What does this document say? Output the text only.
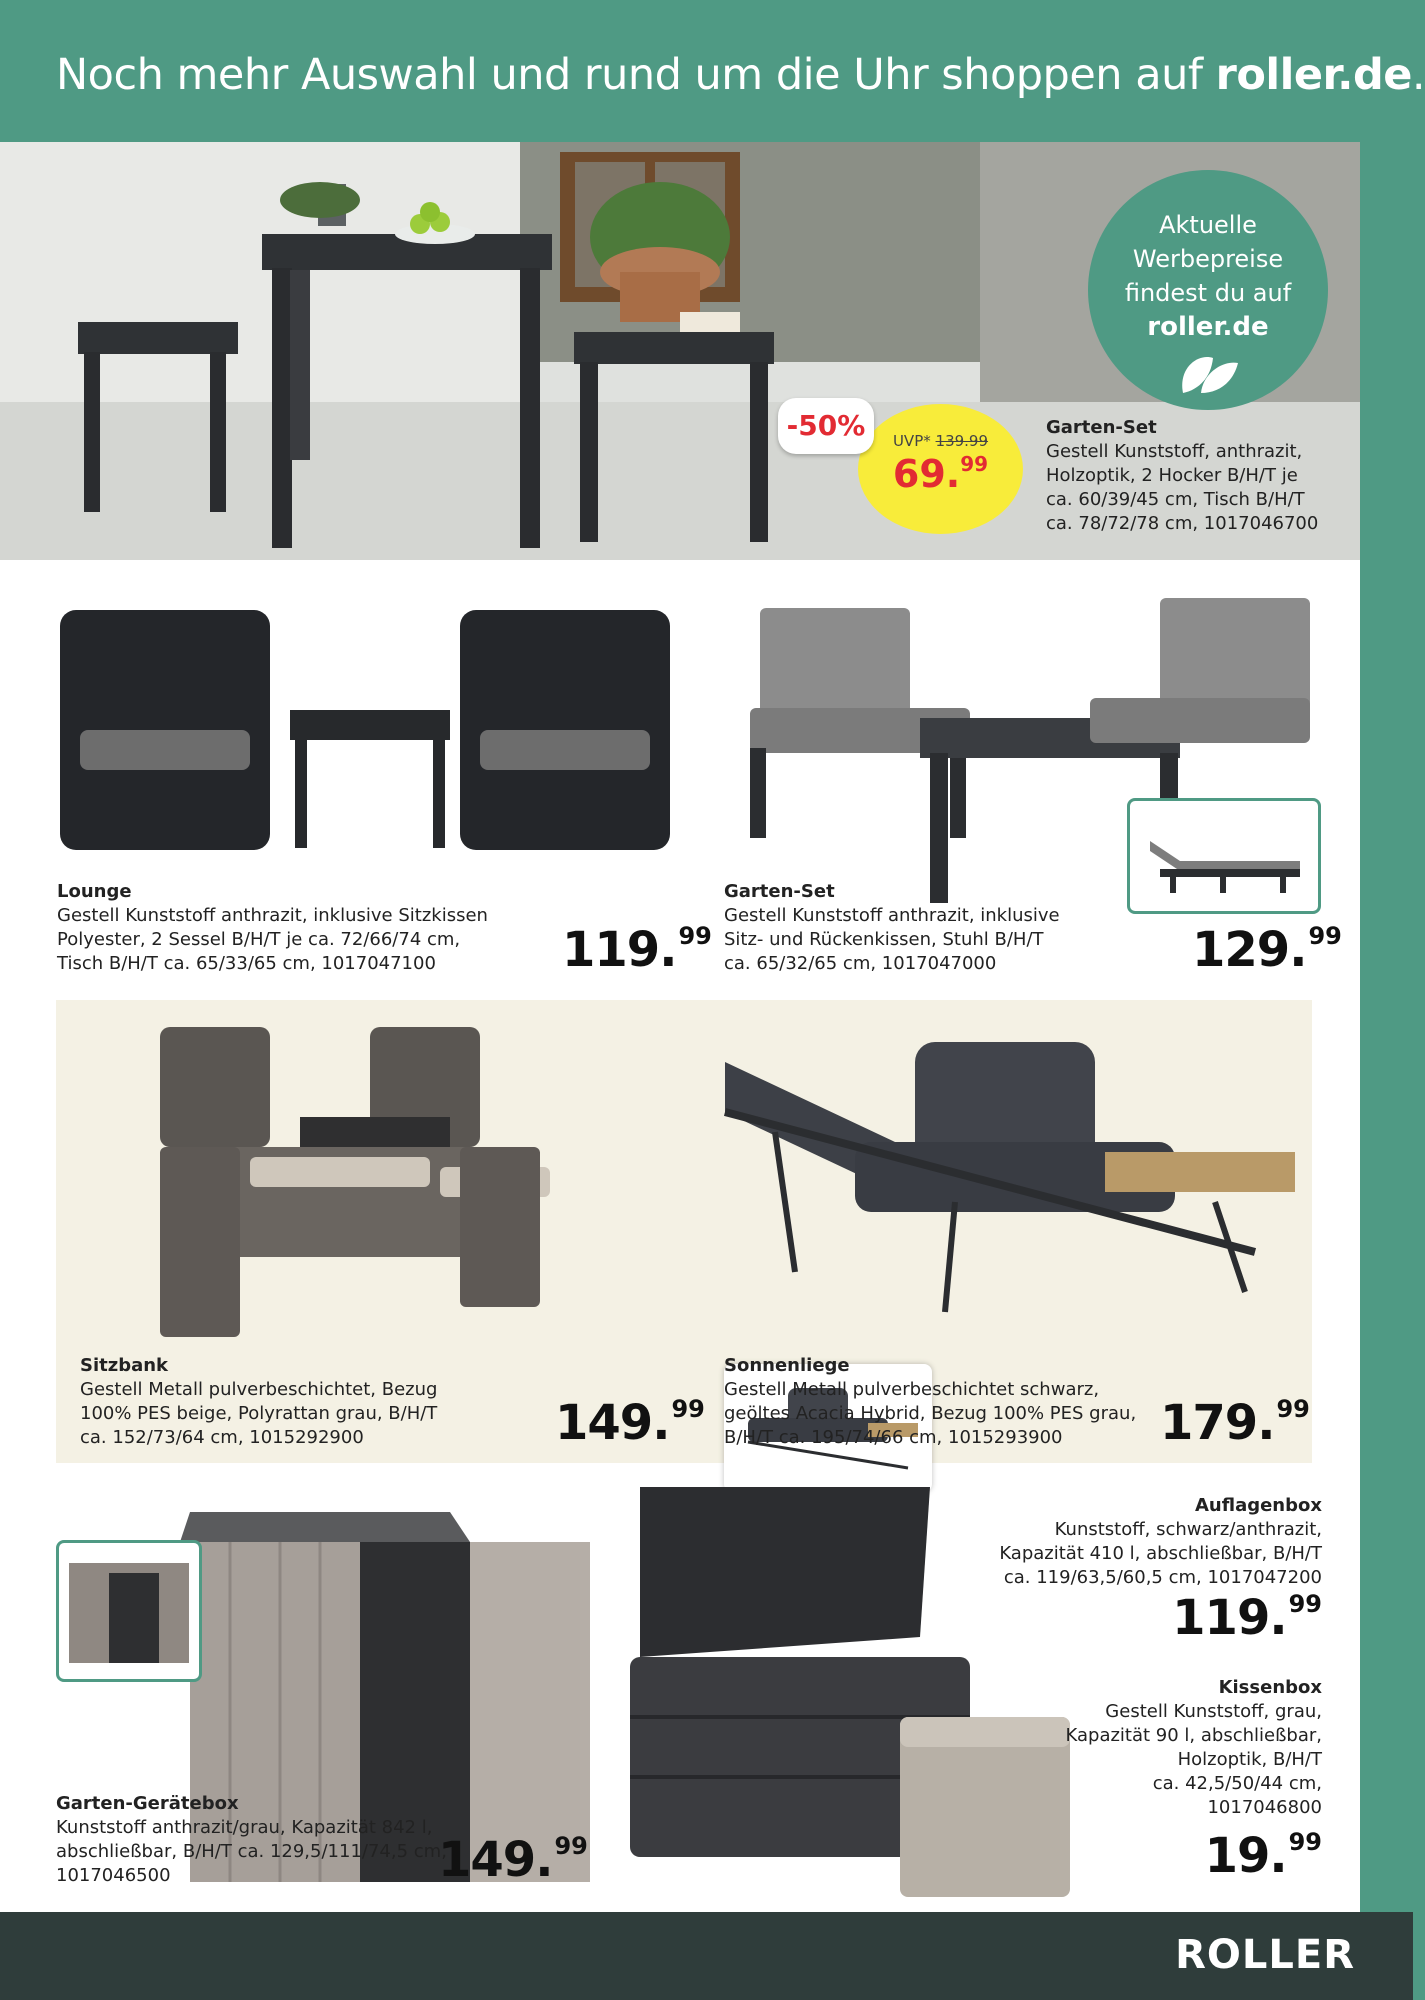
Noch mehr Auswahl und rund um die Uhr shoppen auf roller.de.
Aktuelle
Werbepreise
findest du auf
roller.de
UVP* 139.99
69.99
-50%	Garten-Set
Gestell Kunststoff, anthrazit,
Holzoptik, 2 Hocker B/H/T je
ca. 60/39/45 cm, Tisch B/H/T
ca. 78/72/78 cm, 1017046700
Lounge
Gestell Kunststoff anthrazit, inklusive Sitzkissen
Polyester, 2 Sessel B/H/T je ca. 72/66/74 cm,
Tisch B/H/T ca. 65/33/65 cm, 1017047100	119.99
Garten-Set
Gestell Kunststoff anthrazit, inklusive
Sitz- und Rückenkissen, Stuhl B/H/T
ca. 65/32/65 cm, 1017047000	129.99
Sitzbank
Gestell Metall pulverbeschichtet, Bezug
100% PES beige, Polyrattan grau, B/H/T
ca. 152/73/64 cm, 1015292900	149.99
Sonnenliege
Gestell Metall pulverbeschichtet schwarz,
geöltes Acacia Hybrid, Bezug 100% PES grau,
B/H/T ca. 195/74/66 cm, 1015293900	179.99
Auflagenbox
Kunststoff, schwarz/anthrazit,
Kapazität 410 l, abschließbar, B/H/T
ca. 119/63,5/60,5 cm, 1017047200
119.99
Kissenbox
Gestell Kunststoff, grau,
Kapazität 90 l, abschließbar,
Holzoptik, B/H/T
ca. 42,5/50/44 cm,
1017046800
19.99
Garten-Gerätebox
Kunststoff anthrazit/grau, Kapazität 842 l,
abschließbar, B/H/T ca. 129,5/111/74,5 cm,
1017046500	149.99
ROLLER
